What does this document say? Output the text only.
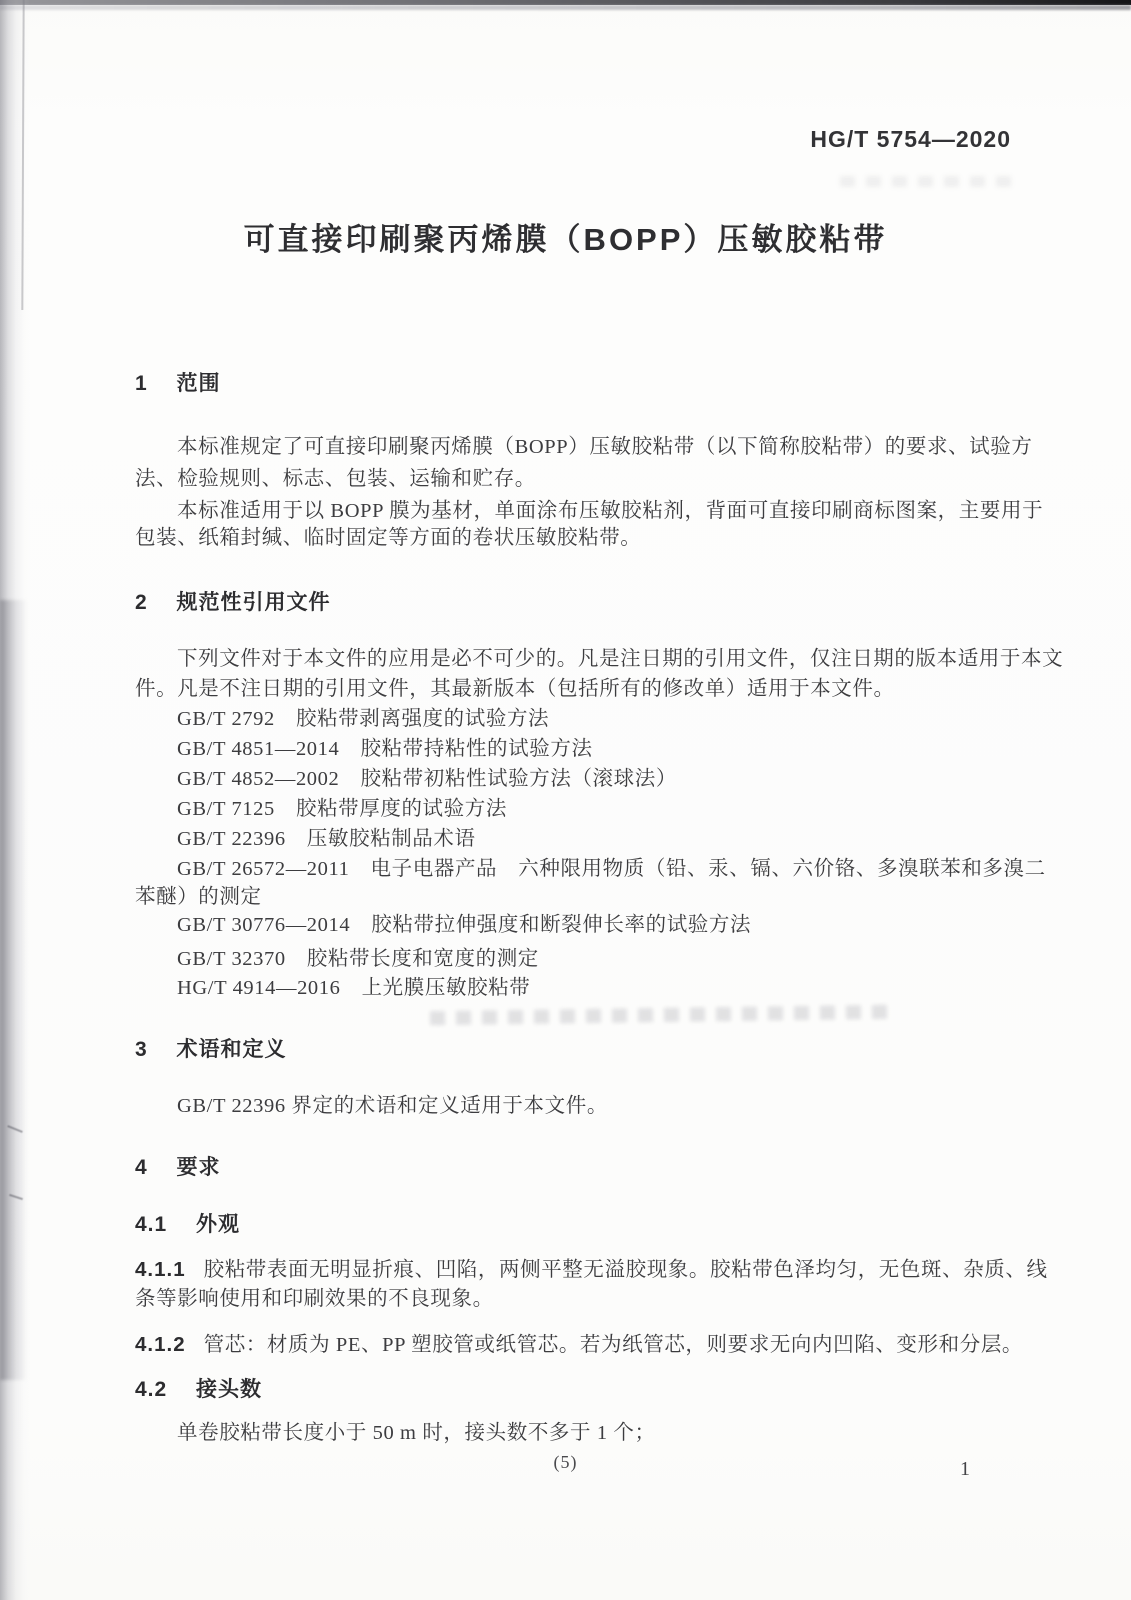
HG/T 5754—2020
可直接印刷聚丙烯膜（BOPP）压敏胶粘带
1 范围

本标准规定了可直接印刷聚丙烯膜（BOPP）压敏胶粘带（以下简称胶粘带）的要求、试验方

法、检验规则、标志、包装、运输和贮存。

本标准适用于以 BOPP 膜为基材，单面涂布压敏胶粘剂，背面可直接印刷商标图案，主要用于

包装、纸箱封缄、临时固定等方面的卷状压敏胶粘带。

2 规范性引用文件

下列文件对于本文件的应用是必不可少的。凡是注日期的引用文件，仅注日期的版本适用于本文

件。凡是不注日期的引用文件，其最新版本（包括所有的修改单）适用于本文件。

GB/T 2792　胶粘带剥离强度的试验方法

GB/T 4851—2014　胶粘带持粘性的试验方法

GB/T 4852—2002　胶粘带初粘性试验方法（滚球法）

GB/T 7125　胶粘带厚度的试验方法

GB/T 22396　压敏胶粘制品术语

GB/T 26572—2011　电子电器产品　六种限用物质（铅、汞、镉、六价铬、多溴联苯和多溴二

苯醚）的测定

GB/T 30776—2014　胶粘带拉伸强度和断裂伸长率的试验方法

GB/T 32370　胶粘带长度和宽度的测定

HG/T 4914—2016　上光膜压敏胶粘带

3 术语和定义

GB/T 22396 界定的术语和定义适用于本文件。

4 要求
4.1 外观

4.1.1 胶粘带表面无明显折痕、凹陷，两侧平整无溢胶现象。胶粘带色泽均匀，无色斑、杂质、线

条等影响使用和印刷效果的不良现象。

4.1.2 管芯：材质为 PE、PP 塑胶管或纸管芯。若为纸管芯，则要求无向内凹陷、变形和分层。

4.2 接头数

单卷胶粘带长度小于 50 m 时，接头数不多于 1 个；

(5)	1
